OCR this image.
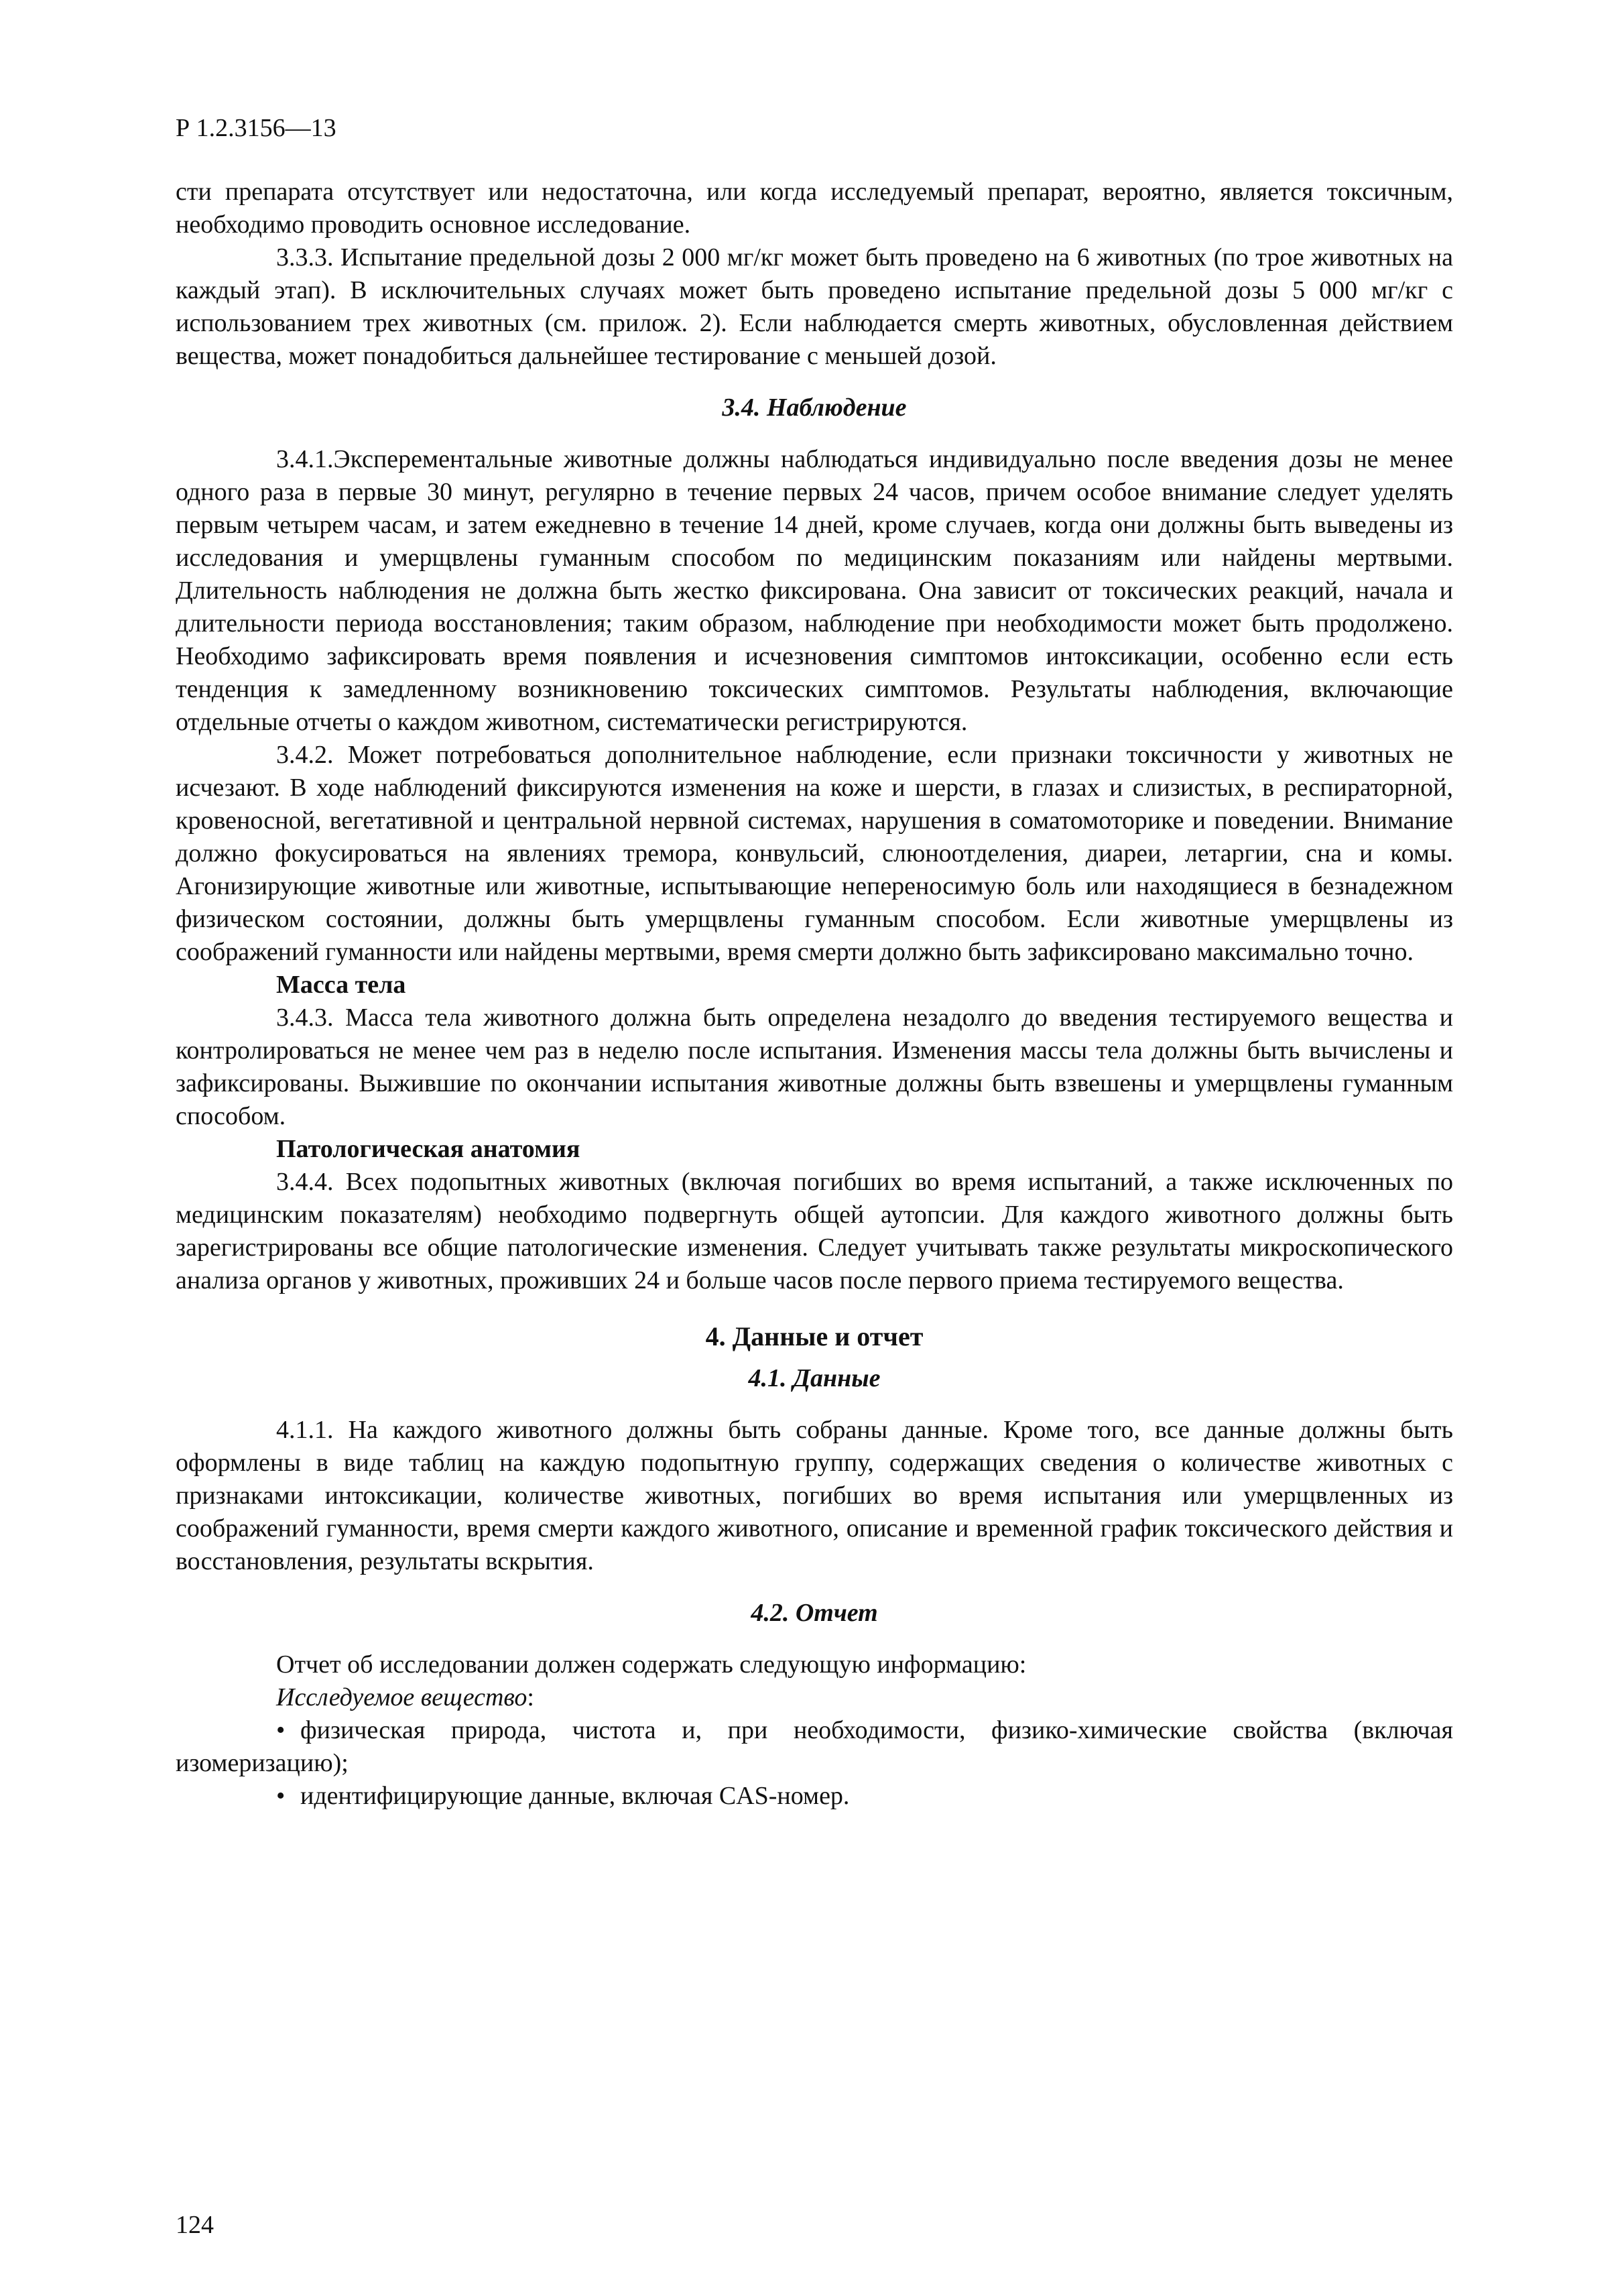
Р 1.2.3156—13

сти препарата отсутствует или недостаточна, или когда исследуемый препарат, вероятно, является токсичным, необходимо проводить основное исследование.

3.3.3. Испытание предельной дозы 2 000 мг/кг может быть проведено на 6 животных (по трое животных на каждый этап). В исключительных случаях может быть проведено испытание предельной дозы 5 000 мг/кг с использованием трех животных (см. прилож. 2). Если наблюдается смерть животных, обусловленная действием вещества, может понадобиться дальнейшее тестирование с меньшей дозой.

3.4. Наблюдение

3.4.1.Эксперементальные животные должны наблюдаться индивидуально после введения дозы не менее одного раза в первые 30 минут, регулярно в течение первых 24 часов, причем особое внимание следует уделять первым четырем часам, и затем ежедневно в течение 14 дней, кроме случаев, когда они должны быть выведены из исследования и умерщвлены гуманным способом по медицинским показаниям или найдены мертвыми. Длительность наблюдения не должна быть жестко фиксирована. Она зависит от токсических реакций, начала и длительности периода восстановления; таким образом, наблюдение при необходимости может быть продолжено. Необходимо зафиксировать время появления и исчезновения симптомов интоксикации, особенно если есть тенденция к замедленному возникновению токсических симптомов. Результаты наблюдения, включающие отдельные отчеты о каждом животном, систематически регистрируются.

3.4.2. Может потребоваться дополнительное наблюдение, если признаки токсичности у животных не исчезают. В ходе наблюдений фиксируются изменения на коже и шерсти, в глазах и слизистых, в респираторной, кровеносной, вегетативной и центральной нервной системах, нарушения в соматомоторике и поведении. Внимание должно фокусироваться на явлениях тремора, конвульсий, слюноотделения, диареи, летаргии, сна и комы. Агонизирующие животные или животные, испытывающие непереносимую боль или находящиеся в безнадежном физическом состоянии, должны быть умерщвлены гуманным способом. Если животные умерщвлены из соображений гуманности или найдены мертвыми, время смерти должно быть зафиксировано максимально точно.

Масса тела

3.4.3. Масса тела животного должна быть определена незадолго до введения тестируемого вещества и контролироваться не менее чем раз в неделю после испытания. Изменения массы тела должны быть вычислены и зафиксированы. Выжившие по окончании испытания животные должны быть взвешены и умерщвлены гуманным способом.

Патологическая анатомия

3.4.4. Всех подопытных животных (включая погибших во время испытаний, а также исключенных по медицинским показателям) необходимо подвергнуть общей аутопсии. Для каждого животного должны быть зарегистрированы все общие патологические изменения. Следует учитывать также результаты микроскопического анализа органов у животных, проживших 24 и больше часов после первого приема тестируемого вещества.

4. Данные и отчет
4.1. Данные

4.1.1. На каждого животного должны быть собраны данные. Кроме того, все данные должны быть оформлены в виде таблиц на каждую подопытную группу, содержащих сведения о количестве животных с признаками интоксикации, количестве животных, погибших во время испытания или умерщвленных из соображений гуманности, время смерти каждого животного, описание и временной график токсического действия и восстановления, результаты вскрытия.

4.2. Отчет

Отчет об исследовании должен содержать следующую информацию:

Исследуемое вещество:

• физическая природа, чистота и, при необходимости, физико-химические свойства (включая изомеризацию);

• идентифицирующие данные, включая CAS-номер.

124
